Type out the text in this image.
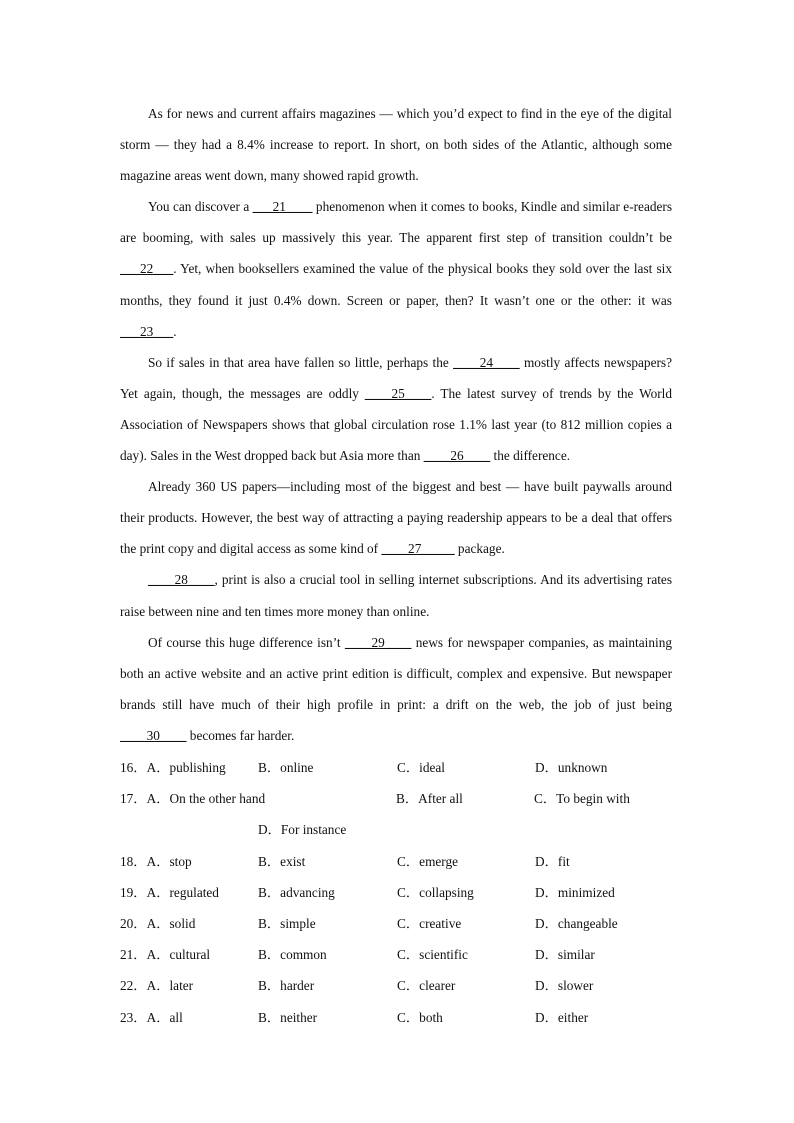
As for news and current affairs magazines — which you’d expect to find in the eye of the digital storm — they had a 8.4% increase to report. In short, on both sides of the Atlantic, although some magazine areas went down, many showed rapid growth.

You can discover a ___21____ phenomenon when it comes to books, Kindle and similar e-readers are booming, with sales up massively this year. The apparent first step of transition couldn’t be ___22___. Yet, when booksellers examined the value of the physical books they sold over the last six months, they found it just 0.4% down. Screen or paper, then? It wasn’t one or the other: it was ___23___.

So if sales in that area have fallen so little, perhaps the ____24____ mostly affects newspapers? Yet again, though, the messages are oddly ____25____. The latest survey of trends by the World Association of Newspapers shows that global circulation rose 1.1% last year (to 812 million copies a day). Sales in the West dropped back but Asia more than ____26____ the difference.

Already 360 US papers—including most of the biggest and best — have built paywalls around their products. However, the best way of attracting a paying readership appears to be a deal that offers the print copy and digital access as some kind of ____27_____ package.

____28____, print is also a crucial tool in selling internet subscriptions. And its advertising rates raise between nine and ten times more money than online.

Of course this huge difference isn’t ____29____ news for newspaper companies, as maintaining both an active website and an active print edition is difficult, complex and expensive. But newspaper brands still have much of their high profile in print: a drift on the web, the job of just being ____30____ becomes far harder.

16．A．publishing B．online	C．ideal	D．unknown
17．A．On the other hand	B．After all	C．To begin with
D．For instance
18．A．stop	B．exist	C．emerge	D．fit
19．A．regulated	B．advancing	C．collapsing	D．minimized
20．A．solid	B．simple	C．creative	D．changeable
21．A．cultural	B．common	C．scientific	D．similar
22．A．later	B．harder	C．clearer	D．slower
23．A．all	B．neither	C．both	D．either
